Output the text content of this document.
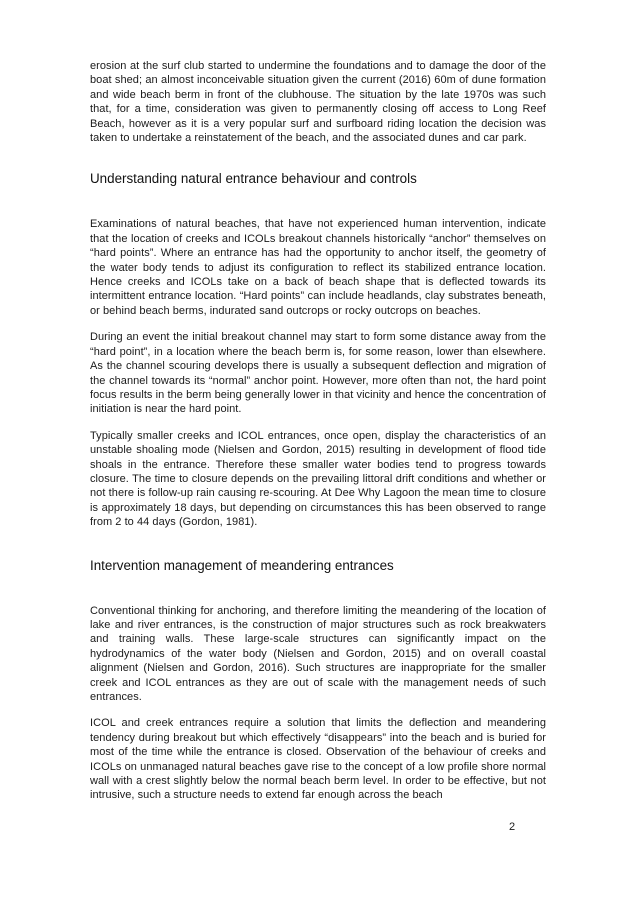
erosion at the surf club started to undermine the foundations and to damage the door of the boat shed; an almost inconceivable situation given the current (2016) 60m of dune formation and wide beach berm in front of the clubhouse. The situation by the late 1970s was such that, for a time, consideration was given to permanently closing off access to Long Reef Beach, however as it is a very popular surf and surfboard riding location the decision was taken to undertake a reinstatement of the beach, and the associated dunes and car park.

Understanding natural entrance behaviour and controls

Examinations of natural beaches, that have not experienced human intervention, indicate that the location of creeks and ICOLs breakout channels historically “anchor” themselves on “hard points”. Where an entrance has had the opportunity to anchor itself, the geometry of the water body tends to adjust its configuration to reflect its stabilized entrance location. Hence creeks and ICOLs take on a back of beach shape that is deflected towards its intermittent entrance location. “Hard points” can include headlands, clay substrates beneath, or behind beach berms, indurated sand outcrops or rocky outcrops on beaches.

During an event the initial breakout channel may start to form some distance away from the “hard point”, in a location where the beach berm is, for some reason, lower than elsewhere. As the channel scouring develops there is usually a subsequent deflection and migration of the channel towards its “normal” anchor point. However, more often than not, the hard point focus results in the berm being generally lower in that vicinity and hence the concentration of initiation is near the hard point.

Typically smaller creeks and ICOL entrances, once open, display the characteristics of an unstable shoaling mode (Nielsen and Gordon, 2015) resulting in development of flood tide shoals in the entrance. Therefore these smaller water bodies tend to progress towards closure. The time to closure depends on the prevailing littoral drift conditions and whether or not there is follow-up rain causing re-scouring. At Dee Why Lagoon the mean time to closure is approximately 18 days, but depending on circumstances this has been observed to range from 2 to 44 days (Gordon, 1981).

Intervention management of meandering entrances

Conventional thinking for anchoring, and therefore limiting the meandering of the location of lake and river entrances, is the construction of major structures such as rock breakwaters and training walls. These large-scale structures can significantly impact on the hydrodynamics of the water body (Nielsen and Gordon, 2015) and on overall coastal alignment (Nielsen and Gordon, 2016). Such structures are inappropriate for the smaller creek and ICOL entrances as they are out of scale with the management needs of such entrances.

ICOL and creek entrances require a solution that limits the deflection and meandering tendency during breakout but which effectively “disappears” into the beach and is buried for most of the time while the entrance is closed. Observation of the behaviour of creeks and ICOLs on unmanaged natural beaches gave rise to the concept of a low profile shore normal wall with a crest slightly below the normal beach berm level. In order to be effective, but not intrusive, such a structure needs to extend far enough across the beach

2
